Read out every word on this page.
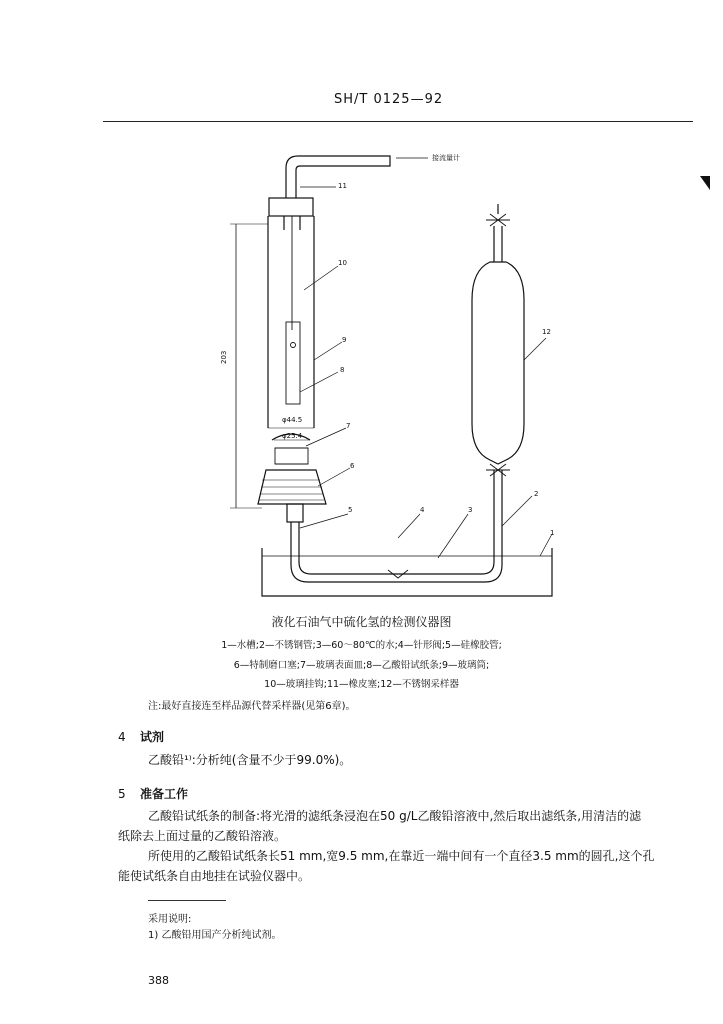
SH/T 0125—92
接流量计
203
φ44.5
φ25.4
1
2
3
4
5
6
7
8
9
10
11
12
液化石油气中硫化氢的检测仪器图
1—水槽;2—不锈钢管;3—60～80℃的水;4—针形阀;5—硅橡胶管;
6—特制磨口塞;7—玻璃表面皿;8—乙酸铅试纸条;9—玻璃筒;
10—玻璃挂钩;11—橡皮塞;12—不锈钢采样器
注:最好直接连至样品源代替采样器(见第6章)。
4 试剂
乙酸铅¹⁾:分析纯(含量不少于99.0%)。
5 准备工作
乙酸铅试纸条的制备:将光滑的滤纸条浸泡在50 g/L乙酸铅溶液中,然后取出滤纸条,用清洁的滤
纸除去上面过量的乙酸铅溶液。
所使用的乙酸铅试纸条长51 mm,宽9.5 mm,在靠近一端中间有一个直径3.5 mm的圆孔,这个孔
能使试纸条自由地挂在试验仪器中。
采用说明:
1) 乙酸铅用国产分析纯试剂。
388
